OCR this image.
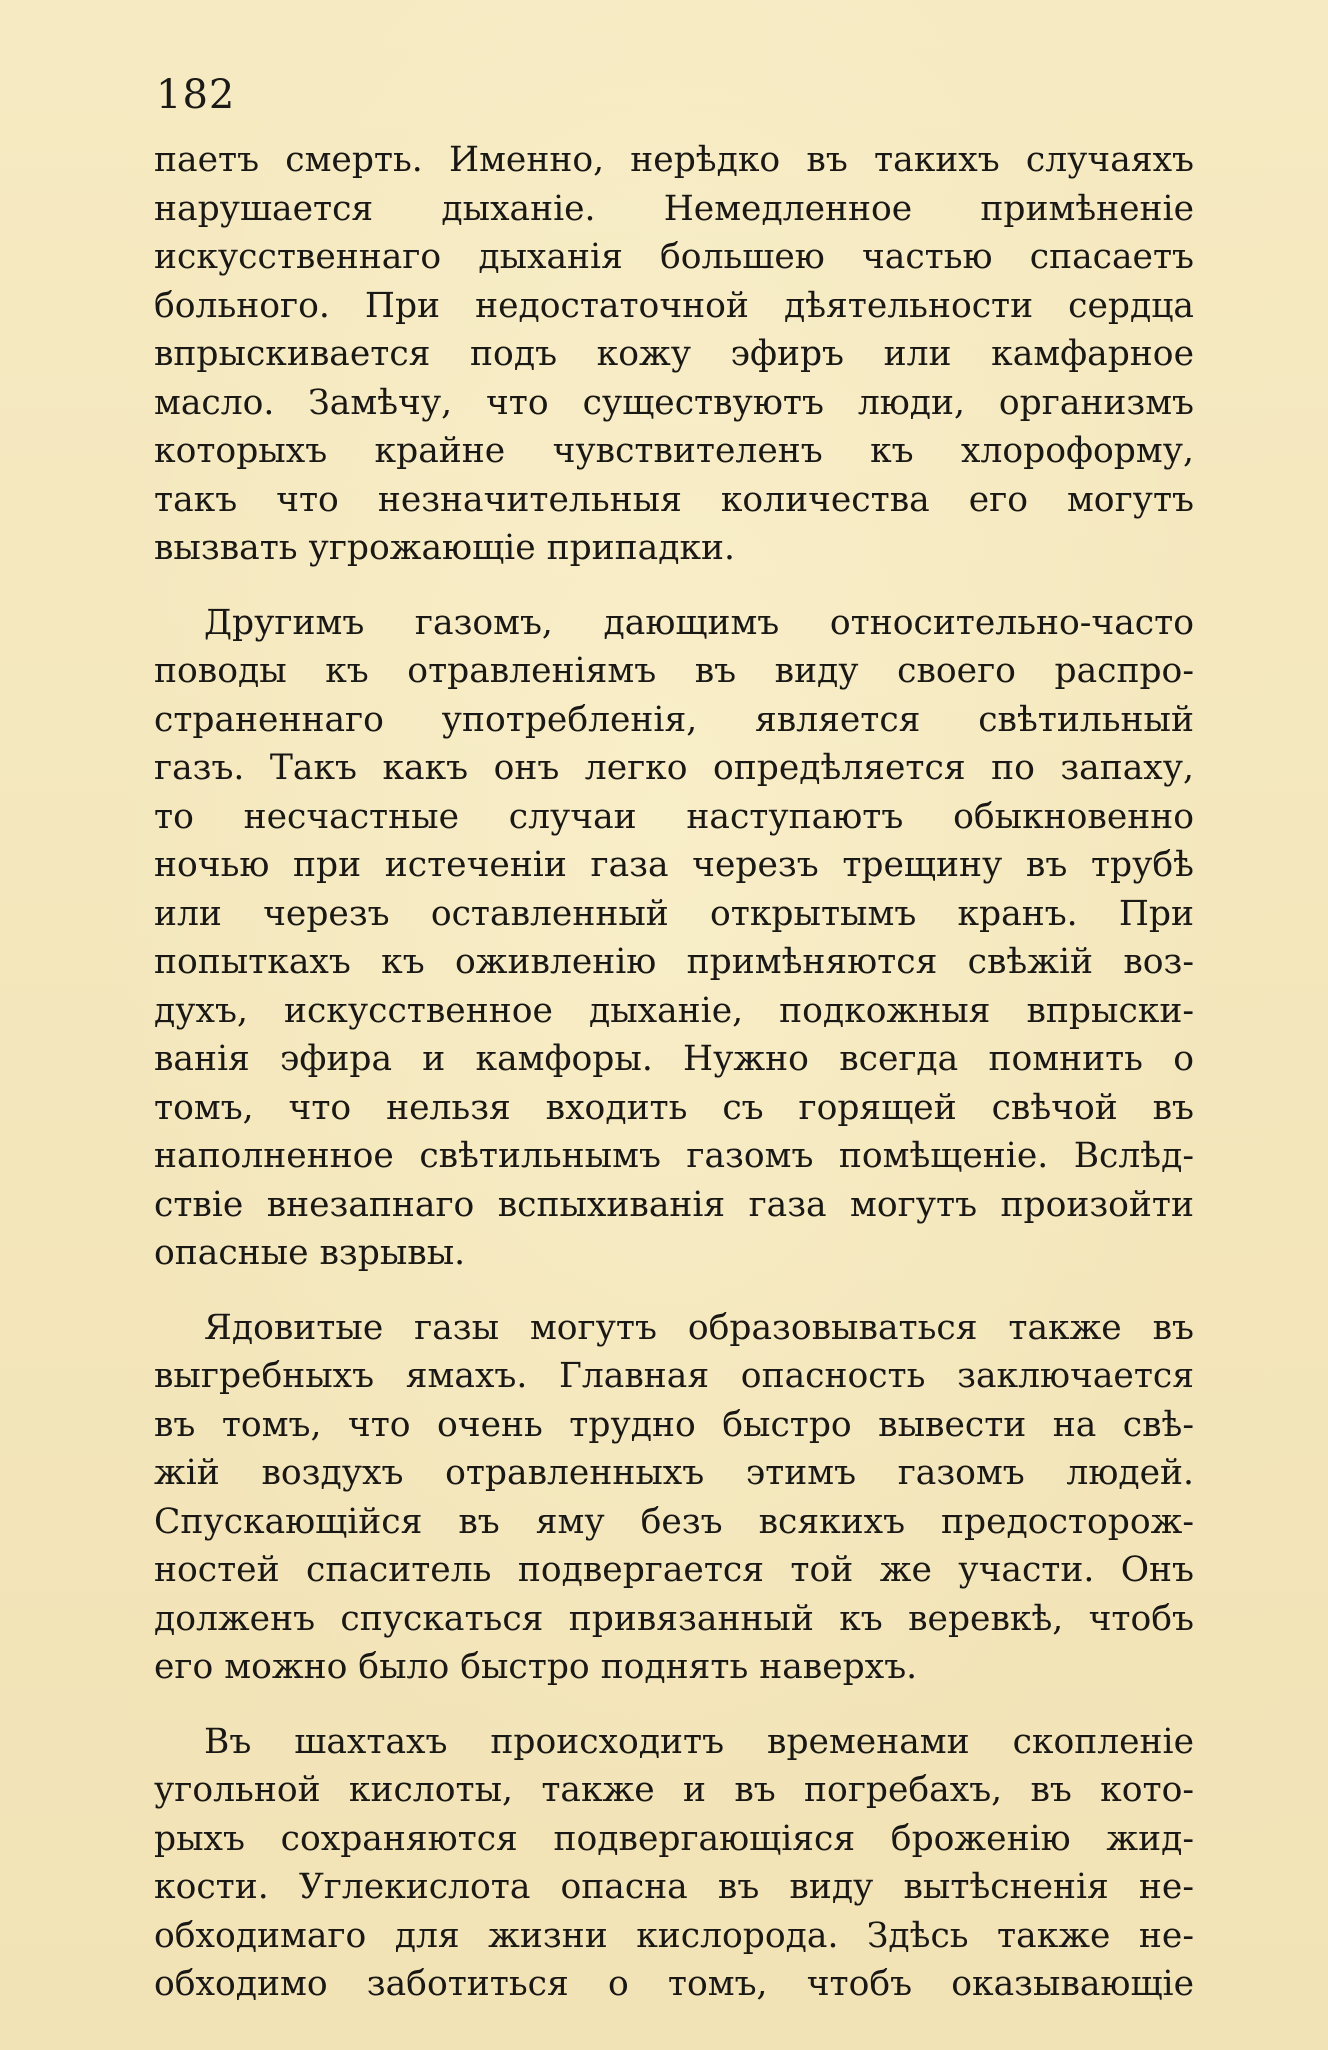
182
паетъ смерть. Именно, нерѣдко въ такихъ случаяхъ
нарушается дыханіе. Немедленное примѣненіе
искусственнаго дыханія большею частью спасаетъ
больного. При недостаточной дѣятельности сердца
впрыскивается подъ кожу эфиръ или камфарное
масло. Замѣчу, что существуютъ люди, организмъ
которыхъ крайне чувствителенъ къ хлороформу,
такъ что незначительныя количества его могутъ
вызвать угрожающіе припадки.
Другимъ газомъ, дающимъ относительно-часто
поводы къ отравленіямъ въ виду своего распро-
страненнаго употребленія, является свѣтильный
газъ. Такъ какъ онъ легко опредѣляется по запаху,
то несчастные случаи наступаютъ обыкновенно
ночью при истеченіи газа черезъ трещину въ трубѣ
или черезъ оставленный открытымъ кранъ. При
попыткахъ къ оживленію примѣняются свѣжій воз-
духъ, искусственное дыханіе, подкожныя впрыски-
ванія эфира и камфоры. Нужно всегда помнить о
томъ, что нельзя входить съ горящей свѣчой въ
наполненное свѣтильнымъ газомъ помѣщеніе. Вслѣд-
ствіе внезапнаго вспыхиванія газа могутъ произойти
опасные взрывы.
Ядовитые газы могутъ образовываться также въ
выгребныхъ ямахъ. Главная опасность заключается
въ томъ, что очень трудно быстро вывести на свѣ-
жій воздухъ отравленныхъ этимъ газомъ людей.
Спускающійся въ яму безъ всякихъ предосторож-
ностей спаситель подвергается той же участи. Онъ
долженъ спускаться привязанный къ веревкѣ, чтобъ
его можно было быстро поднять наверхъ.
Въ шахтахъ происходитъ временами скопленіе
угольной кислоты, также и въ погребахъ, въ кото-
рыхъ сохраняются подвергающіяся броженію жид-
кости. Углекислота опасна въ виду вытѣсненія не-
обходимаго для жизни кислорода. Здѣсь также не-
обходимо заботиться о томъ, чтобъ оказывающіе
